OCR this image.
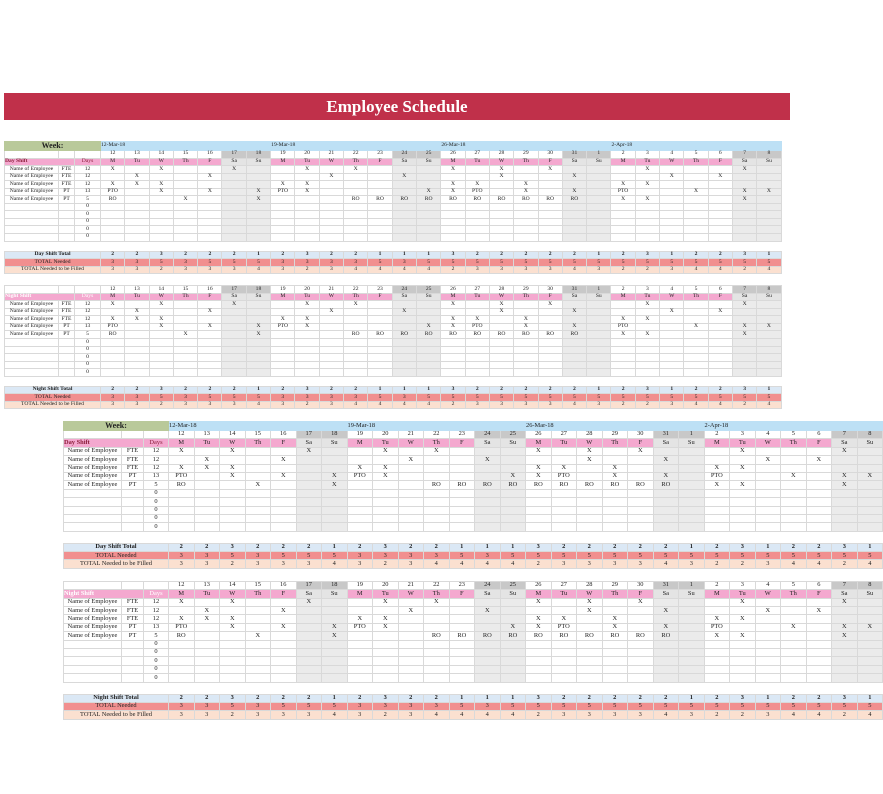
Employee Schedule
Week:			12-Mar-18							19-Mar-18							26-Mar-18							2-Apr-18						
			12	13	14	15	16	17	18	19	20	21	22	23	24	25	26	27	28	29	30	31	1	2	3	4	5	6	7	8
Day Shift		Days	M	Tu	W	Th	F	Sa	Su	M	Tu	W	Th	F	Sa	Su	M	Tu	W	Th	F	Sa	Su	M	Tu	W	Th	F	Sa	Su
Name of Employee	FTE	12	X		X			X			X		X				X		X		X				X				X	
Name of Employee	FTE	12		X			X					X			X				X			X				X		X		
Name of Employee	FTE	12	X	X	X					X	X						X	X		X				X	X					
Name of Employee	PT	13	PTO		X		X		X	PTO	X					X	X	PTO		X		X		PTO			X		X	X
Name of Employee	PT	5	RO			X			X				RO	RO	RO	RO	RO	RO	RO	RO	RO	RO		X	X				X	
		0																												
		0																												
		0																												
		0																												
		0																												

Day Shift Total			2	2	3	2	2	2	1	2	3	2	2	1	1	1	3	2	2	2	2	2	1	2	3	1	2	2	3	1
TOTAL Needed			3	3	5	3	5	5	5	3	3	3	3	5	3	5	5	5	5	5	5	5	5	5	5	5	5	5	5	5
TOTAL Needed to be Filled			3	3	2	3	3	3	4	3	2	3	4	4	4	4	2	3	3	3	3	4	3	2	2	3	4	4	2	4

			12	13	14	15	16	17	18	19	20	21	22	23	24	25	26	27	28	29	30	31	1	2	3	4	5	6	7	8
Night Shift		Days	M	Tu	W	Th	F	Sa	Su	M	Tu	W	Th	F	Sa	Su	M	Tu	W	Th	F	Sa	Su	M	Tu	W	Th	F	Sa	Su
Name of Employee	FTE	12	X		X			X			X		X				X		X		X				X				X	
Name of Employee	FTE	12		X			X					X			X				X			X				X		X		
Name of Employee	FTE	12	X	X	X					X	X						X	X		X				X	X					
Name of Employee	PT	13	PTO		X		X		X	PTO	X					X	X	PTO		X		X		PTO			X		X	X
Name of Employee	PT	5	RO			X			X				RO	RO	RO	RO	RO	RO	RO	RO	RO	RO		X	X				X	
		0																												
		0																												
		0																												
		0																												
		0																												

Night Shift Total			2	2	3	2	2	2	1	2	3	2	2	1	1	1	3	2	2	2	2	2	1	2	3	1	2	2	3	1
TOTAL Needed			3	3	5	3	5	5	5	3	3	3	3	5	3	5	5	5	5	5	5	5	5	5	5	5	5	5	5	5
TOTAL Needed to be Filled			3	3	2	3	3	3	4	3	2	3	4	4	4	4	2	3	3	3	3	4	3	2	2	3	4	4	2	4
Week:			12-Mar-18							19-Mar-18							26-Mar-18							2-Apr-18						
			12	13	14	15	16	17	18	19	20	21	22	23	24	25	26	27	28	29	30	31	1	2	3	4	5	6	7	8
Day Shift		Days	M	Tu	W	Th	F	Sa	Su	M	Tu	W	Th	F	Sa	Su	M	Tu	W	Th	F	Sa	Su	M	Tu	W	Th	F	Sa	Su
Name of Employee	FTE	12	X		X			X			X		X				X		X		X				X				X	
Name of Employee	FTE	12		X			X					X			X				X			X				X		X		
Name of Employee	FTE	12	X	X	X					X	X						X	X		X				X	X					
Name of Employee	PT	13	PTO		X		X		X	PTO	X					X	X	PTO		X		X		PTO			X		X	X
Name of Employee	PT	5	RO			X			X				RO	RO	RO	RO	RO	RO	RO	RO	RO	RO		X	X				X	
		0																												
		0																												
		0																												
		0																												
		0																												

Day Shift Total			2	2	3	2	2	2	1	2	3	2	2	1	1	1	3	2	2	2	2	2	1	2	3	1	2	2	3	1
TOTAL Needed			3	3	5	3	5	5	5	3	3	3	3	5	3	5	5	5	5	5	5	5	5	5	5	5	5	5	5	5
TOTAL Needed to be Filled			3	3	2	3	3	3	4	3	2	3	4	4	4	4	2	3	3	3	3	4	3	2	2	3	4	4	2	4

			12	13	14	15	16	17	18	19	20	21	22	23	24	25	26	27	28	29	30	31	1	2	3	4	5	6	7	8
Night Shift		Days	M	Tu	W	Th	F	Sa	Su	M	Tu	W	Th	F	Sa	Su	M	Tu	W	Th	F	Sa	Su	M	Tu	W	Th	F	Sa	Su
Name of Employee	FTE	12	X		X			X			X		X				X		X		X				X				X	
Name of Employee	FTE	12		X			X					X			X				X			X				X		X		
Name of Employee	FTE	12	X	X	X					X	X						X	X		X				X	X					
Name of Employee	PT	13	PTO		X		X		X	PTO	X					X	X	PTO		X		X		PTO			X		X	X
Name of Employee	PT	5	RO			X			X				RO	RO	RO	RO	RO	RO	RO	RO	RO	RO		X	X				X	
		0																												
		0																												
		0																												
		0																												
		0																												

Night Shift Total			2	2	3	2	2	2	1	2	3	2	2	1	1	1	3	2	2	2	2	2	1	2	3	1	2	2	3	1
TOTAL Needed			3	3	5	3	5	5	5	3	3	3	3	5	3	5	5	5	5	5	5	5	5	5	5	5	5	5	5	5
TOTAL Needed to be Filled			3	3	2	3	3	3	4	3	2	3	4	4	4	4	2	3	3	3	3	4	3	2	2	3	4	4	2	4
